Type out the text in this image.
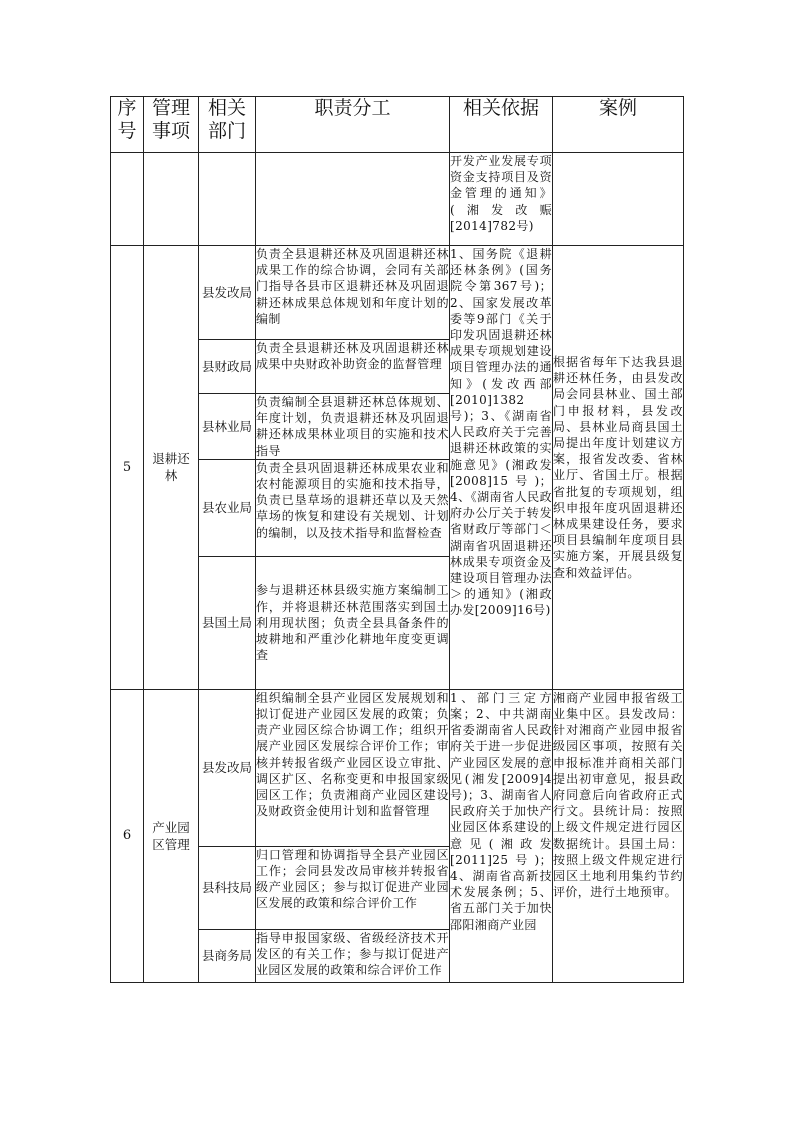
序号	管理事项	相关部门	职责分工	相关依据	案例
				开发产业发展专项资金支持项目及资金管理的通知》(湘发改赈[2014]782号)	
5	退耕还林	县发改局	负责全县退耕还林及巩固退耕还林成果工作的综合协调，会同有关部门指导各县市区退耕还林及巩固退耕还林成果总体规划和年度计划的编制	1、国务院《退耕还林条例》(国务院令第367号)；2、国家发展改革委等9部门《关于印发巩固退耕还林成果专项规划建设项目管理办法的通知》(发改西部[2010]1382号)；3、《湖南省人民政府关于完善退耕还林政策的实施意见》(湘政发[2008]15号)；4、《湖南省人民政府办公厅关于转发省财政厅等部门＜湖南省巩固退耕还林成果专项资金及建设项目管理办法＞的通知》(湘政办发[2009]16号)	根据省每年下达我县退耕还林任务，由县发改局会同县林业、国土部门申报材料，县发改局、县林业局商县国土局提出年度计划建议方案，报省发改委、省林业厅、省国土厅。根据省批复的专项规划，组织申报年度巩固退耕还林成果建设任务，要求项目县编制年度项目县实施方案，开展县级复查和效益评估。

		县财政局	负责全县退耕还林及巩固退耕还林成果中央财政补助资金的监督管理		
		县林业局	负责编制全县退耕还林总体规划、年度计划，负责退耕还林及巩固退耕还林成果林业项目的实施和技术指导		
		县农业局	负责全县巩固退耕还林成果农业和农村能源项目的实施和技术指导，负责已垦草场的退耕还草以及天然草场的恢复和建设有关规划、计划的编制，以及技术指导和监督检查		
		县国土局	参与退耕还林县级实施方案编制工作，并将退耕还林范围落实到国土利用现状图；负责全县具备条件的坡耕地和严重沙化耕地年度变更调查		
6	产业园区管理	县发改局	组织编制全县产业园区发展规划和拟订促进产业园区发展的政策；负责产业园区综合协调工作；组织开展产业园区发展综合评价工作；审核并转报省级产业园区设立审批、调区扩区、名称变更和申报国家级园区工作；负责湘商产业园区建设及财政资金使用计划和监督管理	1、部门三定方案；2、中共湖南省委湖南省人民政府关于进一步促进产业园区发展的意见(湘发[2009]4号)；3、湖南省人民政府关于加快产业园区体系建设的意见(湘政发[2011]25号)；4、湖南省高新技术发展条例；5、省五部门关于加快邵阳湘商产业园	湘商产业园申报省级工业集中区。县发改局：针对湘商产业园申报省级园区事项，按照有关申报标准并商相关部门提出初审意见，报县政府同意后向省政府正式行文。县统计局：按照上级文件规定进行园区数据统计。县国土局：按照上级文件规定进行园区土地利用集约节约评价，进行土地预审。
		县科技局	归口管理和协调指导全县产业园区工作；会同县发改局审核并转报省级产业园区；参与拟订促进产业园区发展的政策和综合评价工作		
		县商务局	指导申报国家级、省级经济技术开发区的有关工作；参与拟订促进产业园区发展的政策和综合评价工作		
